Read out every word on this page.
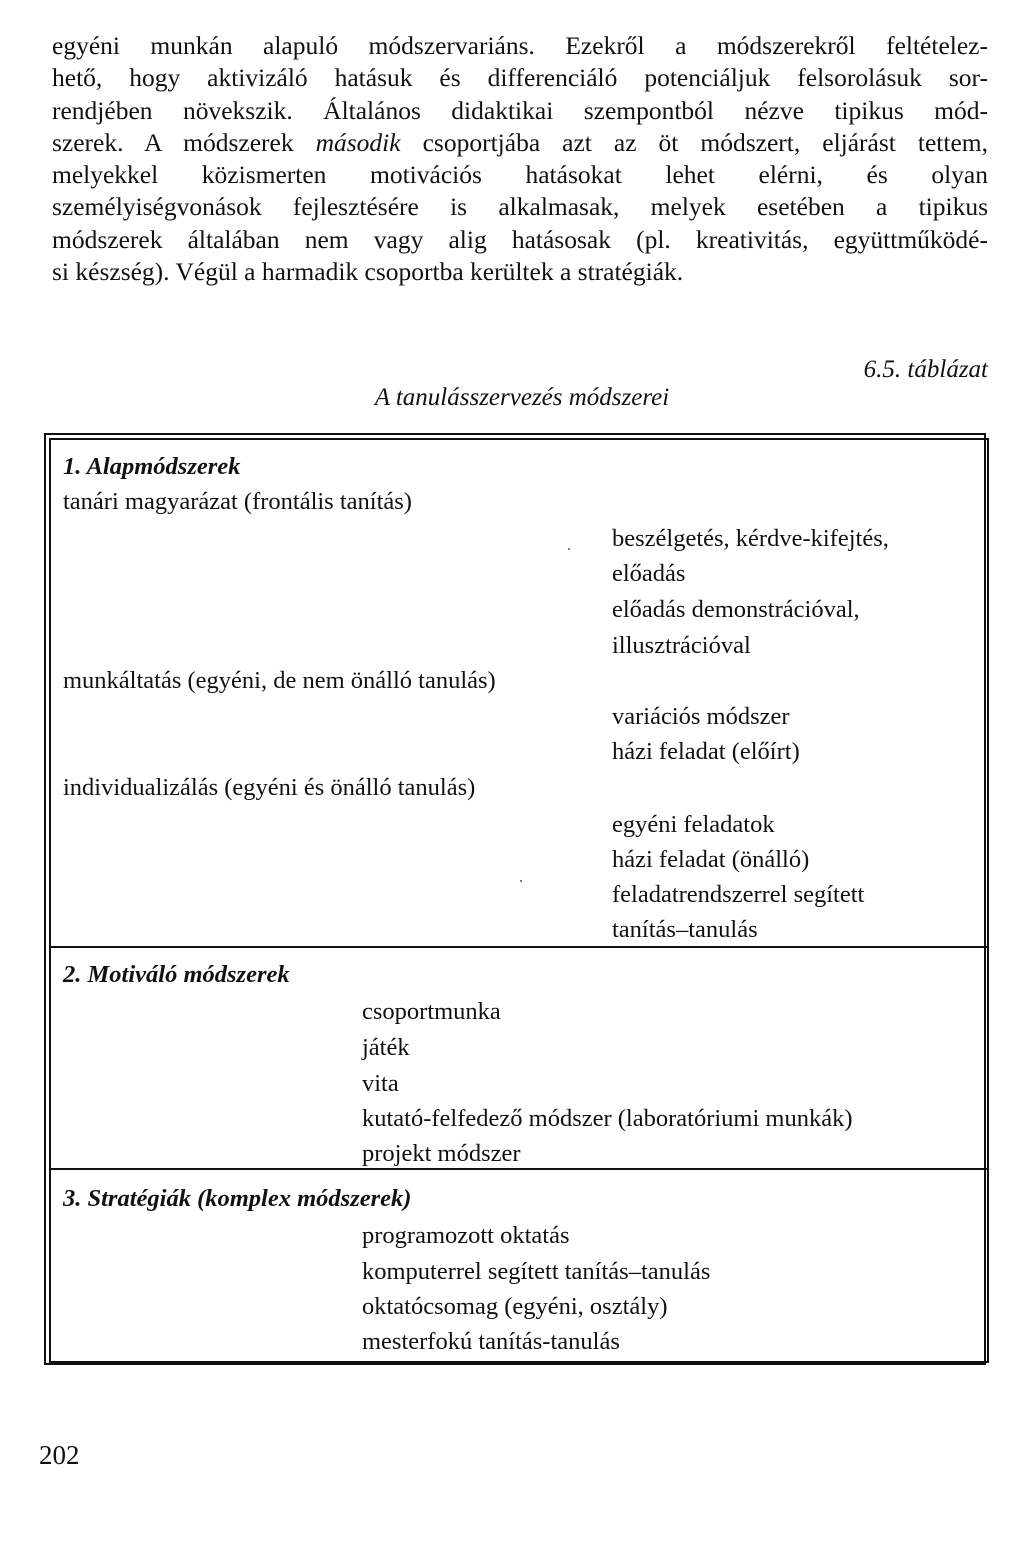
egyéni munkán alapuló módszervariáns. Ezekről a módszerekről feltételez-
hető, hogy aktivizáló hatásuk és differenciáló potenciáljuk felsorolásuk sor-
rendjében növekszik. Általános didaktikai szempontból nézve tipikus mód-
szerek. A módszerek második csoportjába azt az öt módszert, eljárást tettem,
melyekkel közismerten motivációs hatásokat lehet elérni, és olyan
személyiségvonások fejlesztésére is alkalmasak, melyek esetében a tipikus
módszerek általában nem vagy alig hatásosak (pl. kreativitás, együttműködé-
si készség). Végül a harmadik csoportba kerültek a stratégiák.
6.5. táblázat
A tanulásszervezés módszerei
1. Alapmódszerek
tanári magyarázat (frontális tanítás)
munkáltatás (egyéni, de nem önálló tanulás)
individualizálás (egyéni és önálló tanulás)
beszélgetés, kérdve-kifejtés,
előadás
előadás demonstrációval,
illusztrációval
variációs módszer
házi feladat (előírt)
egyéni feladatok
házi feladat (önálló)
feladatrendszerrel segített
tanítás–tanulás
2. Motiváló módszerek
csoportmunka
játék
vita
kutató-felfedező módszer (laboratóriumi munkák)
projekt módszer
3. Stratégiák (komplex módszerek)
programozott oktatás
komputerrel segített tanítás–tanulás
oktatócsomag (egyéni, osztály)
mesterfokú tanítás-tanulás
202
